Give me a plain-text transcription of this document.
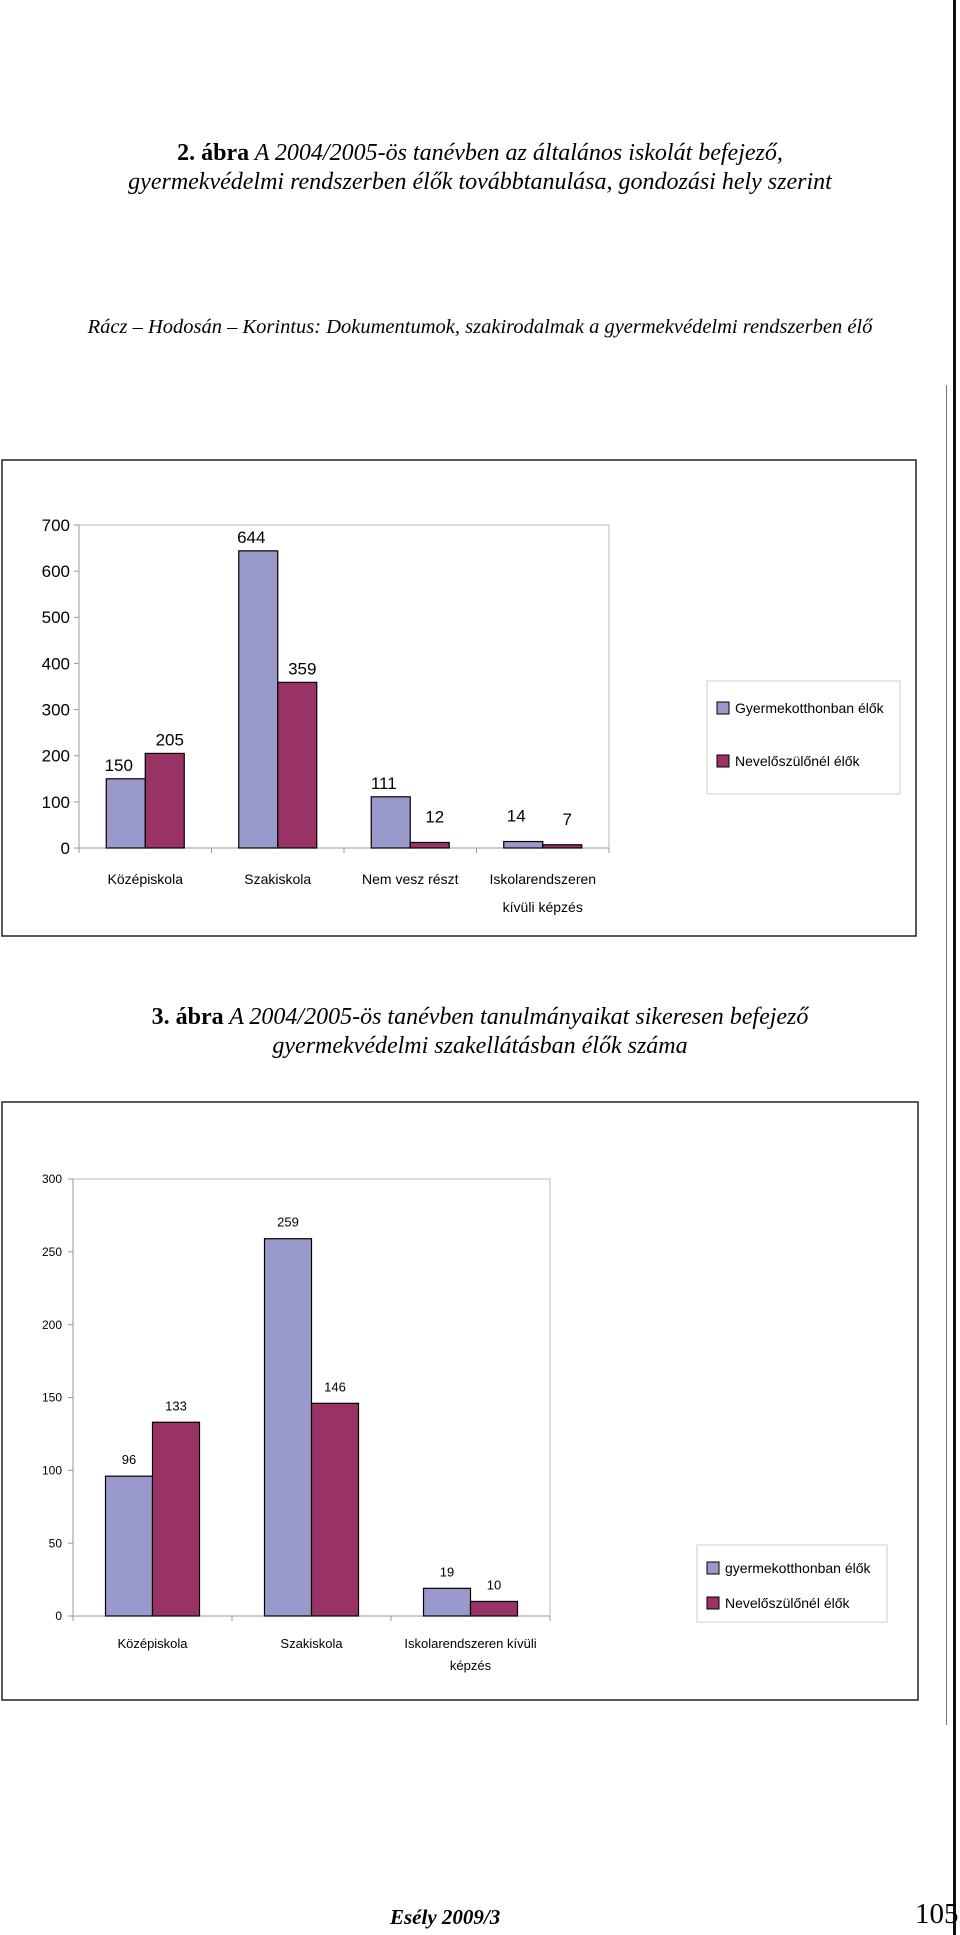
Rácz – Hodosán – Korintus: Dokumentumok, szakirodalmak a gyermekvédelmi rendszerben élő
2. ábra A 2004/2005-ös tanévben az általános iskolát befejező,
gyermekvédelmi rendszerben élők továbbtanulása, gondozási hely szerint
0
100
200
300
400
500
600
700
Középiskola
150
205
Szakiskola
644
359
Nem vesz részt
111
12
Iskolarendszeren
kívüli képzés
14 7
Gyermekotthonban élők
Nevelőszülőnél élők
3. ábra A 2004/2005-ös tanévben tanulmányaikat sikeresen befejező
gyermekvédelmi szakellátásban élők száma
0
50
100
150
200
250
300
Középiskola
96
133
Szakiskola
259
146
Iskolarendszeren kívüli
képzés
19
10
gyermekotthonban élők
Nevelőszülőnél élők
Esély 2009/3	105
